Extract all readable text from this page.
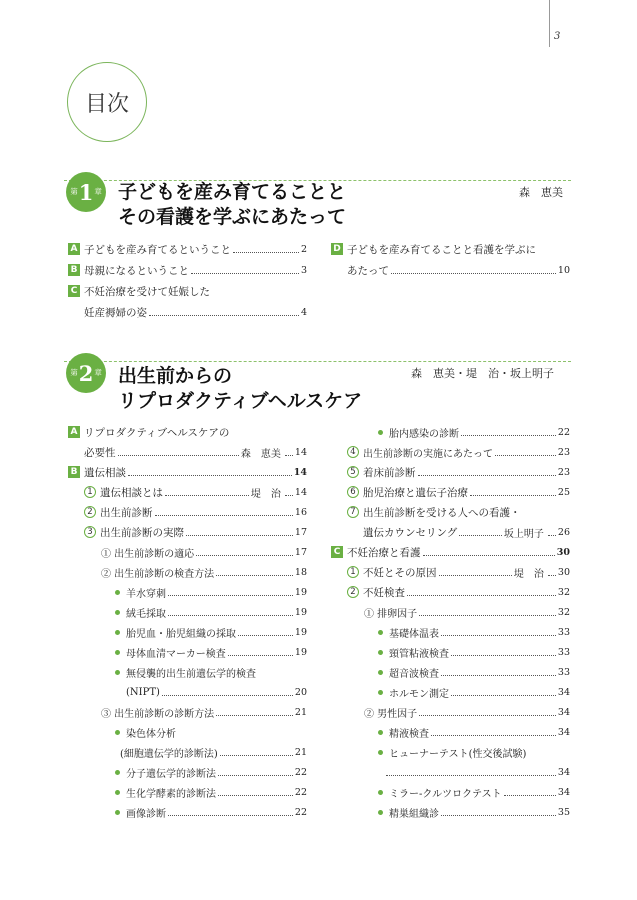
3
目次
第 1 章 子どもを産み育てることと
その看護を学ぶにあたって
森　恵美
A 子どもを産み育てるということ	2
B 母親になるということ	3
C 不妊治療を受けて妊娠した
妊産褥婦の姿	4
D 子どもを産み育てることと看護を学ぶに
あたって	10
第 2 章 出生前からの
リプロダクティブヘルスケア
森　恵美・堤　治・坂上明子
A リプロダクティブヘルスケアの
必要性	森　恵美 14
B 遺伝相談	14
1 遺伝相談とは	堤　治 14
2 出生前診断	16
3 出生前診断の実際	17
① 出生前診断の適応	17
② 出生前診断の検査方法	18
羊水穿刺	19
絨毛採取	19
胎児血・胎児組織の採取	19
母体血清マーカー検査	19
無侵襲的出生前遺伝学的検査
(NIPT)	20
③ 出生前診断の診断方法	21
染色体分析
(細胞遺伝学的診断法)	21
分子遺伝学的診断法	22
生化学酵素的診断法	22
画像診断	22
胎内感染の診断	22
4 出生前診断の実施にあたって	23
5 着床前診断	23
6 胎児治療と遺伝子治療	25
7 出生前診断を受ける人への看護・
遺伝カウンセリング	坂上明子 26
C 不妊治療と看護	30
1 不妊とその原因	堤　治 30
2 不妊検査	32
① 排卵因子	32
基礎体温表	33
頸管粘液検査	33
超音波検査	33
ホルモン測定	34
② 男性因子	34
精液検査	34
ヒューナーテスト(性交後試験)
34
ミラー-クルツロクテスト	34
精巣組織診	35
